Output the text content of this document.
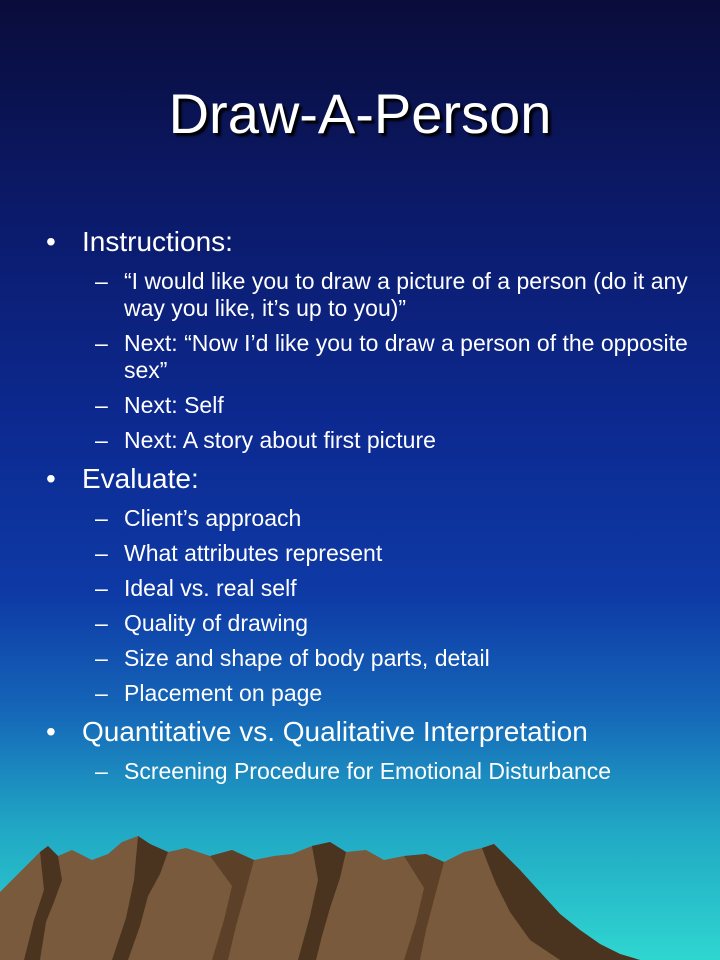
Draw-A-Person
• Instructions:
– “I would like you to draw a picture of a person (do it any way you like, it’s up to you)”
– Next: “Now I’d like you to draw a person of the opposite sex”
– Next: Self
– Next: A story about first picture
• Evaluate:
– Client’s approach
– What attributes represent
– Ideal vs. real self
– Quality of drawing
– Size and shape of body parts, detail
– Placement on page
• Quantitative vs. Qualitative Interpretation
– Screening Procedure for Emotional Disturbance
